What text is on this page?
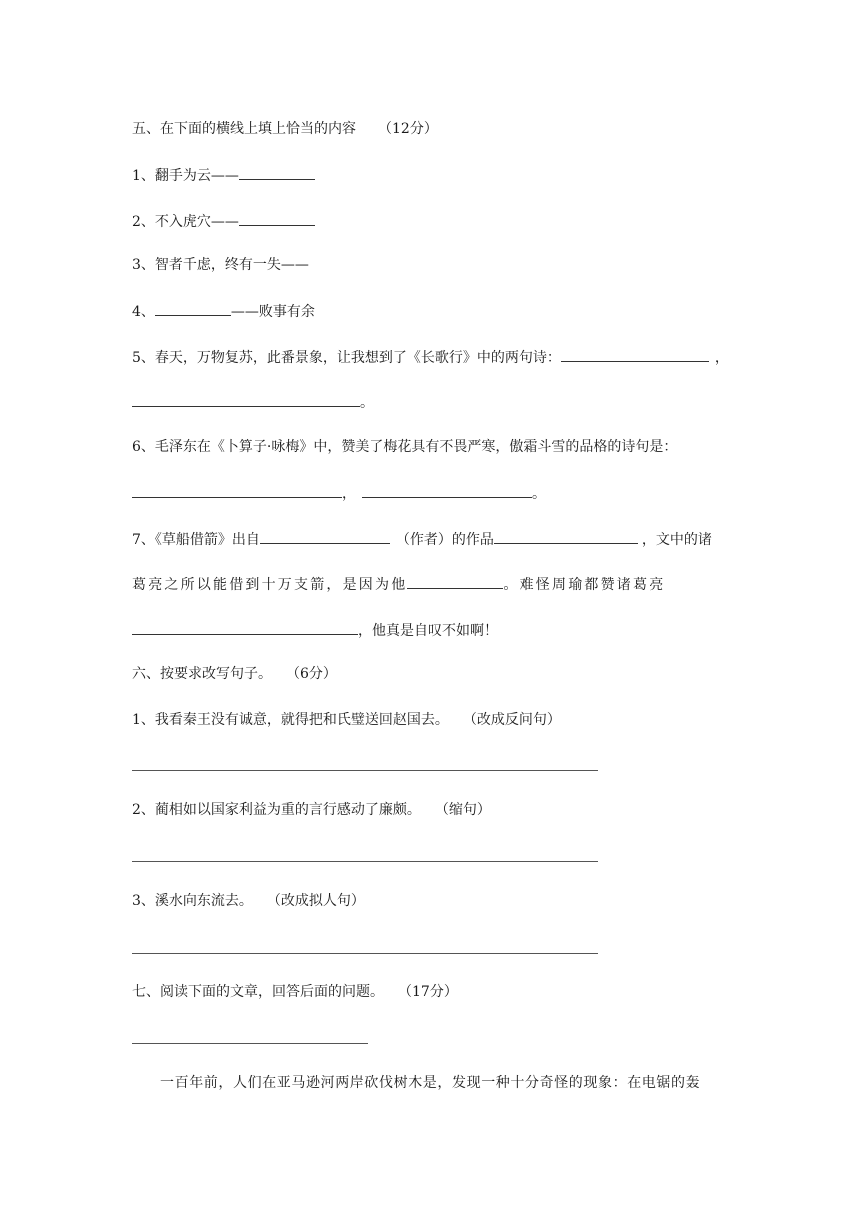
五、在下面的横线上填上恰当的内容 （12分）
1、翻手为云——
2、不入虎穴——
3、智者千虑，终有一失——
4、	——败事有余
5、春天，万物复苏，此番景象，让我想到了《长歌行》中的两句诗：	，
。
6、毛泽东在《卜算子·咏梅》中，赞美了梅花具有不畏严寒，傲霜斗雪的品格的诗句是：
，	。
7、《草船借箭》出自	（作者）的作品	，文中的诸
葛亮之所以能借到十万支箭，是因为他	。难怪周瑜都赞诸葛亮
，他真是自叹不如啊！
六、按要求改写句子。 （6分）
1、我看秦王没有诚意，就得把和氏璧送回赵国去。 （改成反问句）
2、蔺相如以国家利益为重的言行感动了廉颇。 （缩句）
3、溪水向东流去。 （改成拟人句）
七、阅读下面的文章，回答后面的问题。 （17分）
一百年前，人们在亚马逊河两岸砍伐树木是，发现一种十分奇怪的现象：在电锯的轰
